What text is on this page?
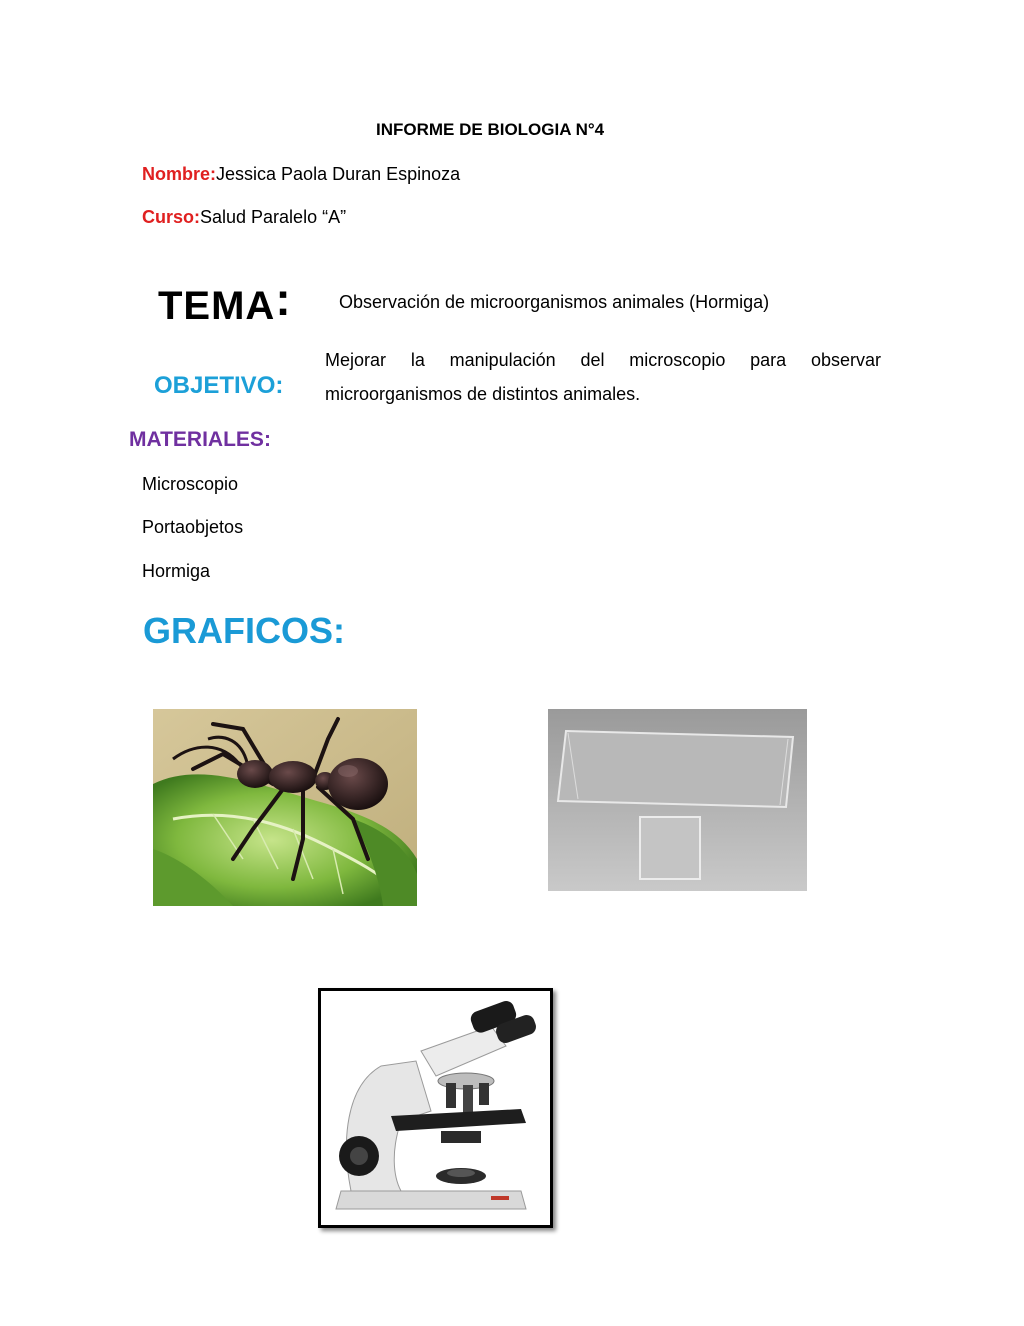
INFORME DE BIOLOGIA N°4
Nombre:Jessica Paola Duran Espinoza
Curso:Salud Paralelo “A”
TEMA:	Observación de microorganismos animales (Hormiga)
OBJETIVO:
Mejorar la manipulación del microscopio para observar microorganismos de distintos animales.
MATERIALES:
Microscopio
Portaobjetos
Hormiga
GRAFICOS:
